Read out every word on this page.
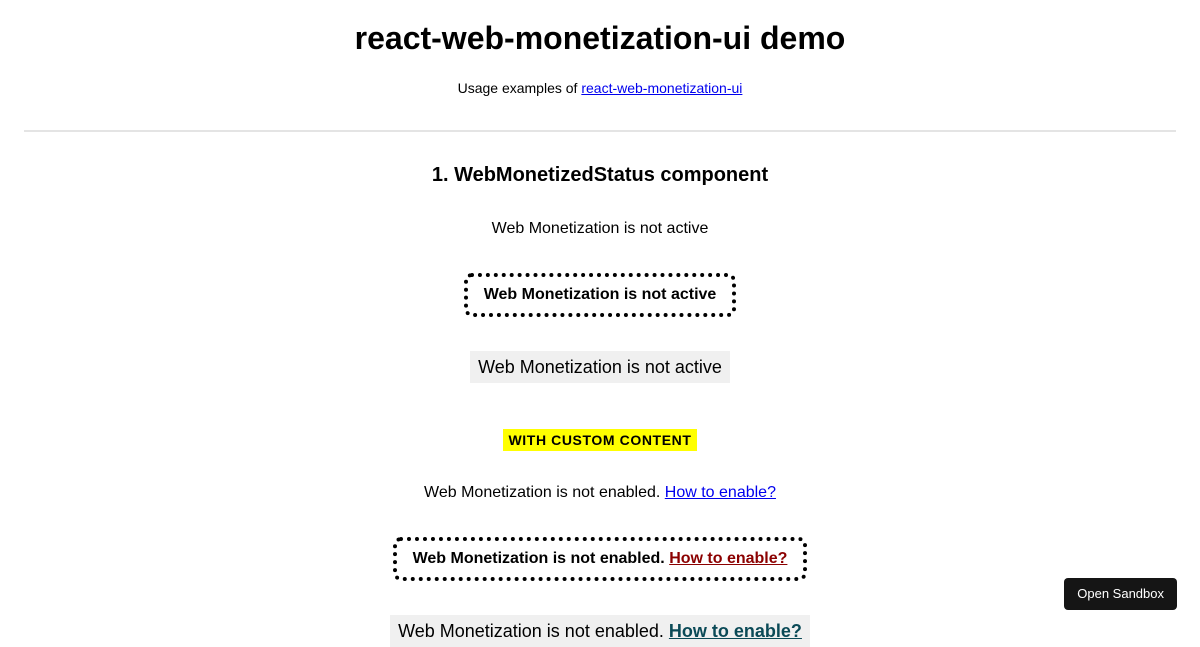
react-web-monetization-ui demo
Usage examples of react-web-monetization-ui
1. WebMonetizedStatus component
Web Monetization is not active
Web Monetization is not active
Web Monetization is not active
WITH CUSTOM CONTENT
Web Monetization is not enabled. How to enable?
Web Monetization is not enabled. How to enable?
Web Monetization is not enabled. How to enable?
Open Sandbox
